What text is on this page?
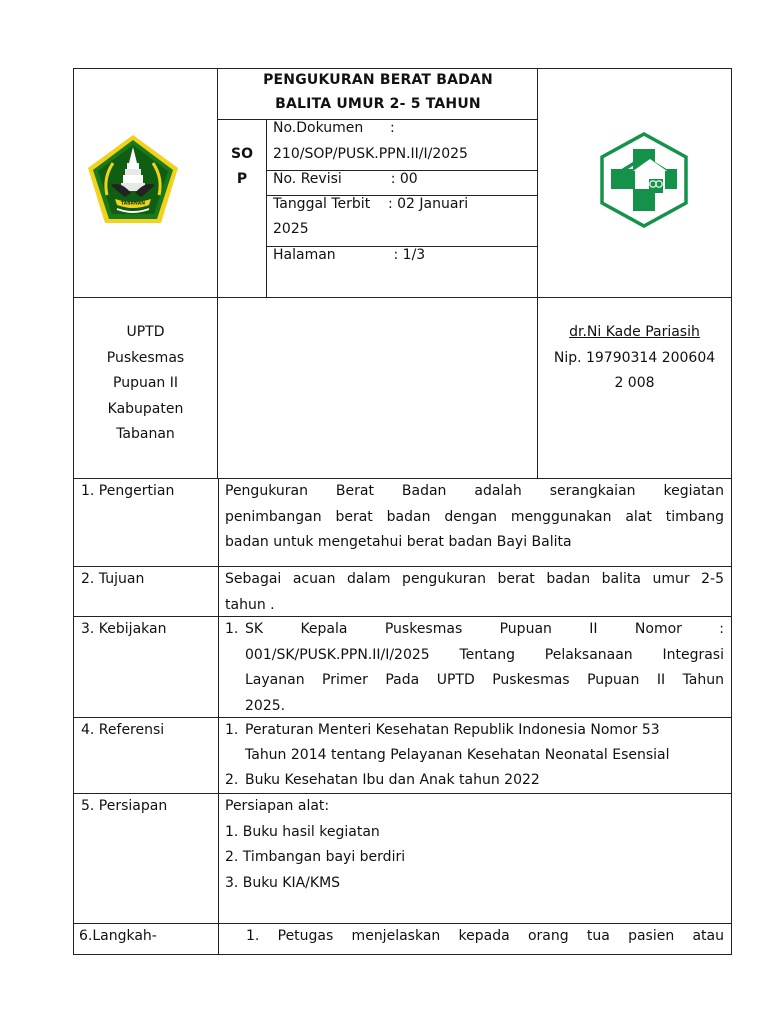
TABANAN
PENGUKURAN BERAT BADAN
BALITA UMUR 2- 5 TAHUN
SO
P
No.Dokumen      :
210/SOP/PUSK.PPN.II/I/2025
No. Revisi           : 00
Tanggal Terbit    : 02 Januari
2025
Halaman             : 1/3
UPTD
Puskesmas
Pupuan II
Kabupaten
Tabanan
dr.Ni Kade Pariasih
Nip. 19790314 200604
2 008
1. Pengertian	Pengukuran Berat Badan adalah serangkaian kegiatan
penimbangan berat badan dengan menggunakan alat timbang
badan untuk mengetahui berat badan Bayi Balita
2. Tujuan	Sebagai acuan dalam pengukuran berat badan balita umur 2-5
tahun .
3. Kebijakan	1. SK Kepala Puskesmas Pupuan II Nomor :
001/SK/PUSK.PPN.II/I/2025 Tentang Pelaksanaan Integrasi
Layanan Primer Pada UPTD Puskesmas Pupuan II Tahun
2025.
4. Referensi	1. Peraturan Menteri Kesehatan Republik Indonesia Nomor 53
Tahun 2014 tentang Pelayanan Kesehatan Neonatal Esensial
2. Buku Kesehatan Ibu dan Anak tahun 2022
5. Persiapan	Persiapan alat:
1. Buku hasil kegiatan
2. Timbangan bayi berdiri
3. Buku KIA/KMS
6.Langkah-	1. Petugas menjelaskan kepada orang tua pasien atau
